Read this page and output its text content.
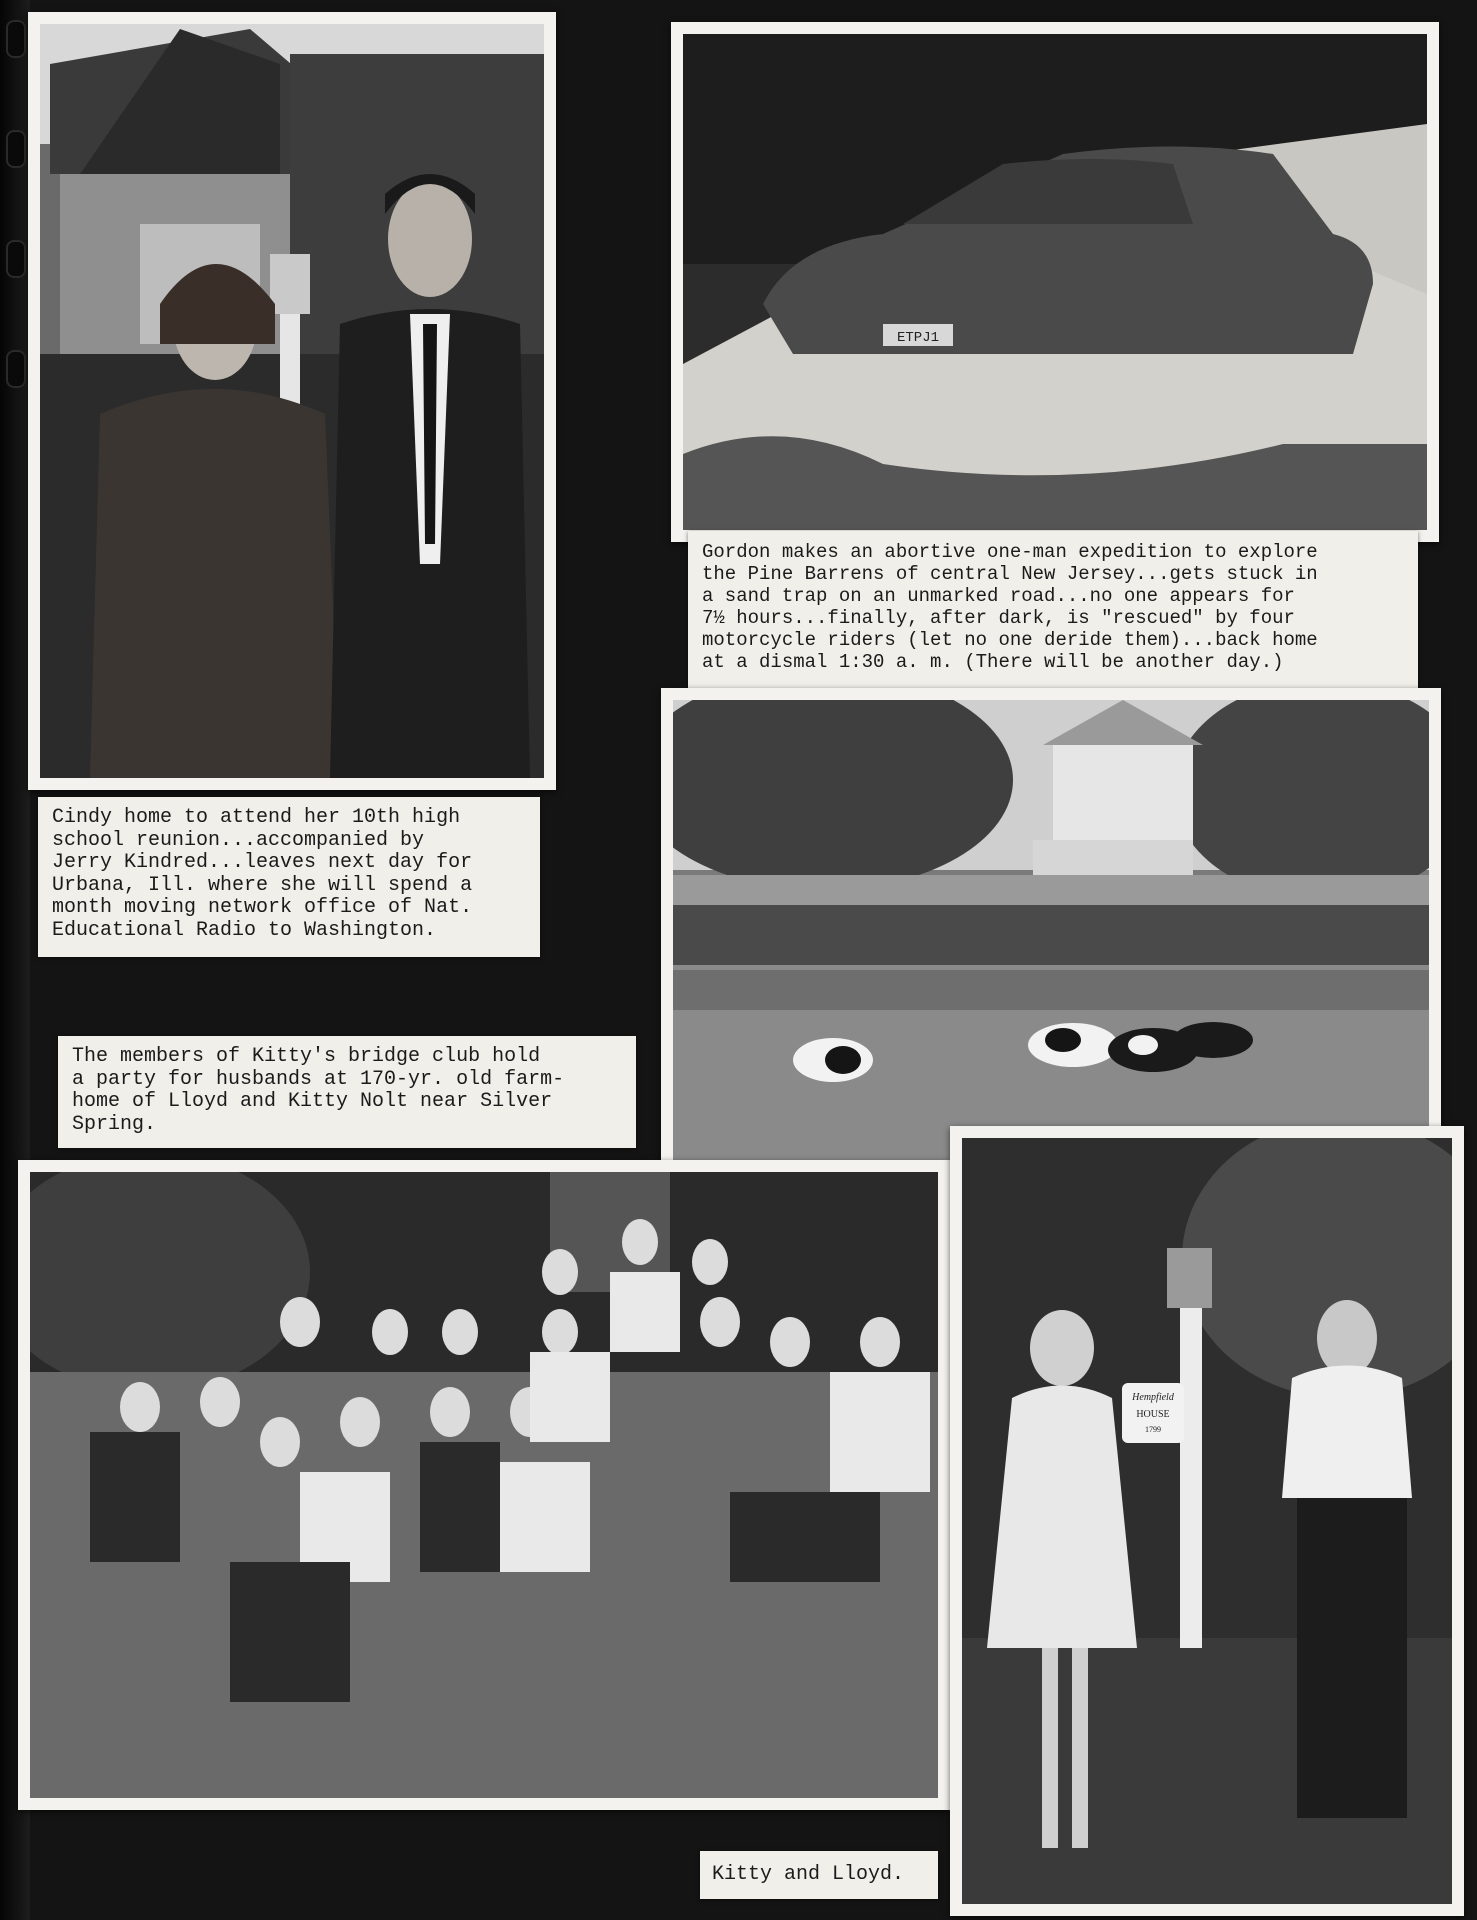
ETPJ1
Gordon makes an abortive one-man expedition to explore
the Pine Barrens of central New Jersey...gets stuck in
a sand trap on an unmarked road...no one appears for
7½ hours...finally, after dark, is "rescued" by four
motorcycle riders (let no one deride them)...back home
at a dismal 1:30 a. m. (There will be another day.)
Cindy home to attend her 10th high
school reunion...accompanied by
Jerry Kindred...leaves next day for
Urbana, Ill. where she will spend a
month moving network office of Nat.
Educational Radio to Washington.
The members of Kitty's bridge club hold
a party for husbands at 170-yr. old farm-
home of Lloyd and Kitty Nolt near Silver
Spring.
Hempfield
HOUSE
1799
Kitty and Lloyd.
